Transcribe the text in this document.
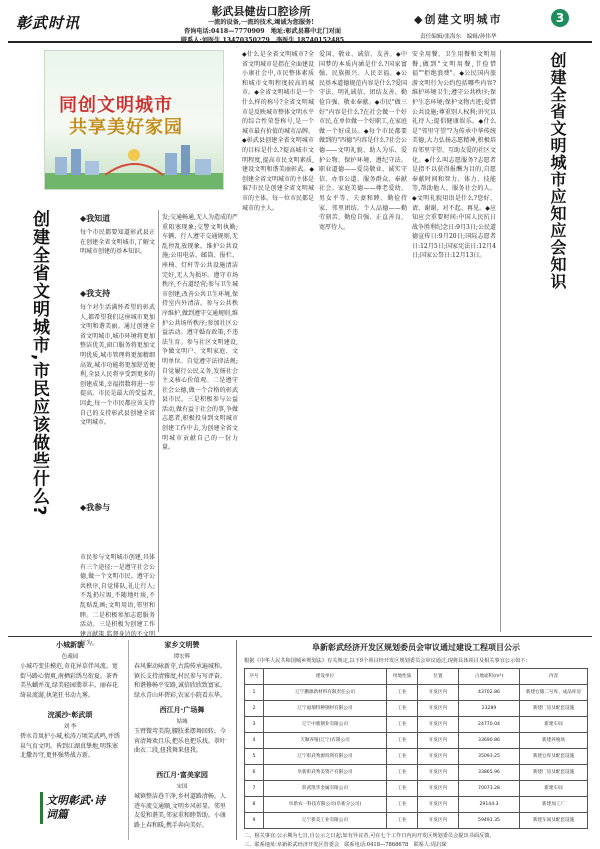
彰武时讯
彰武县健齿口腔诊所
一流的设备,一流的技术,竭诚为您服务!
咨询电话:0418—7770909　地址:彰武县幕中北门对面
联系人:刘医生 13470350279　李医生 18740152485
◆创建文明城市	3
责任编辑/张海东　编辑/孙伟华
同创文明城市
共享美好家园
创建全省文明城市,市民应该做些什么?	◆我知道

每个市民都要知道彰武县正在创建全省文明城市,了解文明城市创建的基本知识。

◆我支持

每个对生活满怀希望的彰武人,都希望我们这座城市更加文明和谐美丽。通过创建全省文明城市,城市环境将更加整洁优美,窗口服务将更加文明优质,城市管理将更加精细高效,城市功能将更加舒适便利,全县人民将享受到更多的创建成果,幸福指数将进一步提高。市民是最大的受益者,因此,每一个市民都应该支持自己的支持彰武县创建全省文明城市。

◆我参与

市民参与文明城市创建,具体有三个途径:一是遵守社会公德,做一个文明市民。遵守公共秩序,自觉排队,礼让行人;不乱扔垃圾,不随地吐痰,不乱贴乱画;文明用语,邻里和睦。二是积极参加志愿服务活动。三是积极为创建工作建言献策,监督身边的不文明行为。

发;交通畅通,无人为造成的严重阻塞现象;交警文明执勤;车辆、行人遵守交通规则,无乱停乱放现象。维护公共设施;公用电话、邮筒、报栏、座椅、灯杆等公共设施清洁完好,无人为损坏。遵守市场秩序,不占道经营;参与卫生城市创建,改善公共卫生环境,保持室内外清洁。参与公共秩序维护,做到遵守交通规则,维护公共场所秩序;参加社区公益活动。遵守婚育政策,不违法生育。参与社区文明建设,争做文明户、文明家庭、文明单位。自觉遵守法律法规;自觉履行公民义务,发扬社会主义核心价值观。二是遵守社会公德,做一个合格的彰武县市民。三是积极参与公益活动,做有益于社会的事,争做志愿者,积极投身到文明城市创建工作中去,为创建全省文明城市贡献自己的一份力量。

◆什么是全省文明城市?全省文明城市是指在全面建设小康社会中,市民整体素质和城市文明程度较高的城市。◆全省文明城市是一个什么样的称号?全省文明城市是反映城市整体文明水平的综合性荣誉称号,是一个城市最有价值的城市品牌。◆彰武县创建全省文明城市的目标是什么?提高城市文明程度,提高市民文明素质,建设文明和谐美丽彰武。◆创建全省文明城市的主体是谁?市民是创建全省文明城市的主体。每一位市民都是城市的主人。

爱国、敬业、诚信、友善。◆中国梦的本质内涵是什么?国家富强、民族振兴、人民幸福。◆公民基本道德规范内容是什么?爱国守法、明礼诚信、团结友善、勤俭自强、敬业奉献。◆市民"做三好"内容是什么?在社会做一个好市民,在单位做一个好职工,在家庭做一个好成员。◆每个市民都要做到的"四德"内容是什么?社会公德——文明礼貌、助人为乐、爱护公物、保护环境、遵纪守法。职业道德——爱岗敬业、诚实守信、办事公道、服务群众、奉献社会。家庭美德——尊老爱幼、男女平等、夫妻和睦、勤俭持家、邻里团结。个人品德——勤劳刻苦、勤俭自强、正直善良、宽厚待人。

安全用餐、卫生用餐和文明用餐,做到"文明用餐,节俭惜福""拒绝浪费"。◆公民国内旅游文明行为公约包括哪些内容?维护环境卫生;遵守公共秩序;保护生态环境;保护文物古迹;爱惜公共设施;尊重别人权利;讲究以礼待人;提倡健康娱乐。◆什么是"邻里守望"?为传承中华传统美德,大力弘扬志愿精神,积极培育邻里守望、互助友爱的社区文化。◆什么叫志愿服务?志愿者是指不以获得报酬为目的,自愿奉献时间和智力、体力、技能等,帮助他人、服务社会的人。◆文明礼貌用语是什么?您好、请、谢谢、对不起、再见。◆应知应会重要时间:中国人民抗日战争胜利纪念日:9月3日;公民道德宣传日:9月20日;国际志愿者日:12月5日;国家宪法日:12月4日;国家公祭日:12月13日。	创建全省文明城市应知应会知识

小城新貌

色魂园

小城巧变佳模范,奇花异草伴风流。宽街马路心情爽,南栖彩绣鸟衔夏。茶香美丛蝴并茂,绿美轻园翡翠丰。丽春花绮泉流潺,执笔狂书动九雾。

浣溪沙·彰武颂

刘 李

碧水青岚护小城,松涛万顷笑武鸣,并绣泉气育文明。皆到江湖真挚地,明珠塞北撒吾穹,更怀强势战方新。

文明彰武·诗词篇

家乡文明赞

谭宏辉

春风催动咏新芽,古韵传承遍城和。镇长支持清雅度,村民参与写评奋。和谐修畅平安路,诚信欣欣致富家。绿水青山环碧彩,农家小院看东华。

西江月·广场舞

姑城

玉臂微弯美韵,腰肢柔摆舞回转。今宵清舞欢且乐,把乐也把乐找。翠叶曲衣二段,扭我舞来扭我。

西江月·富美家园

宋国

城镇整洁巷干净,乡村道路清畅。人迹车流交通顺,文明乡风彰显。邻里友爱和谐美,邻家重和睦帮助。小康路上春和暖,携手奔向美好。

阜新彰武经济开发区规划委员会审议通过建设工程项目公示

根据《中华人民共和国城乡规划法》有关规定,以下9个项目经开发区规划委员会审议通过,现将具体项目及相关事宜公示如下:

序号	建设单位	用地性质	位置	占地面积(m²)	内容
1	辽宁鹏源新材料有限责任公司	工业	开发区内	43702.86	新建仓储二号库、成品库房
2	辽宁福瑞特种钢材有限公司	工业	开发区内	23289	新建厂房及配套设施
3	辽宁中鼎钢业有限公司	工业	开发区内	24770.04	新建车间
4	天顺养殖(辽宁)有限公司	工业	开发区内	33690.86	新建养殖场
5	辽宁彰武秀源投资有限公司	工业	开发区内	35093.25	新建仓库及配套设施
6	阜新彰武秀美资产有限公司	工业	开发区内	33865.96	新建厂房及配套设施
7	彰武凯华金属有限公司	工业	开发区内	70073.28	新建车间
8	阜新农一科技有限公司(阜新分公司)	工业	开发区内	29144.3	新建加工厂
9	辽宁新美工业有限公司	工业	开发区内	59491.35	新建车间及配套设施

二、相关事宜:公示期为七日,自公示之日起;如有异议者,可在七个工作日内向开发区规划委员会提出书面反馈。

三、联系地址:阜新彰武经济开发区管委会　联系电话:0418—7868678　联系人:周启琛
